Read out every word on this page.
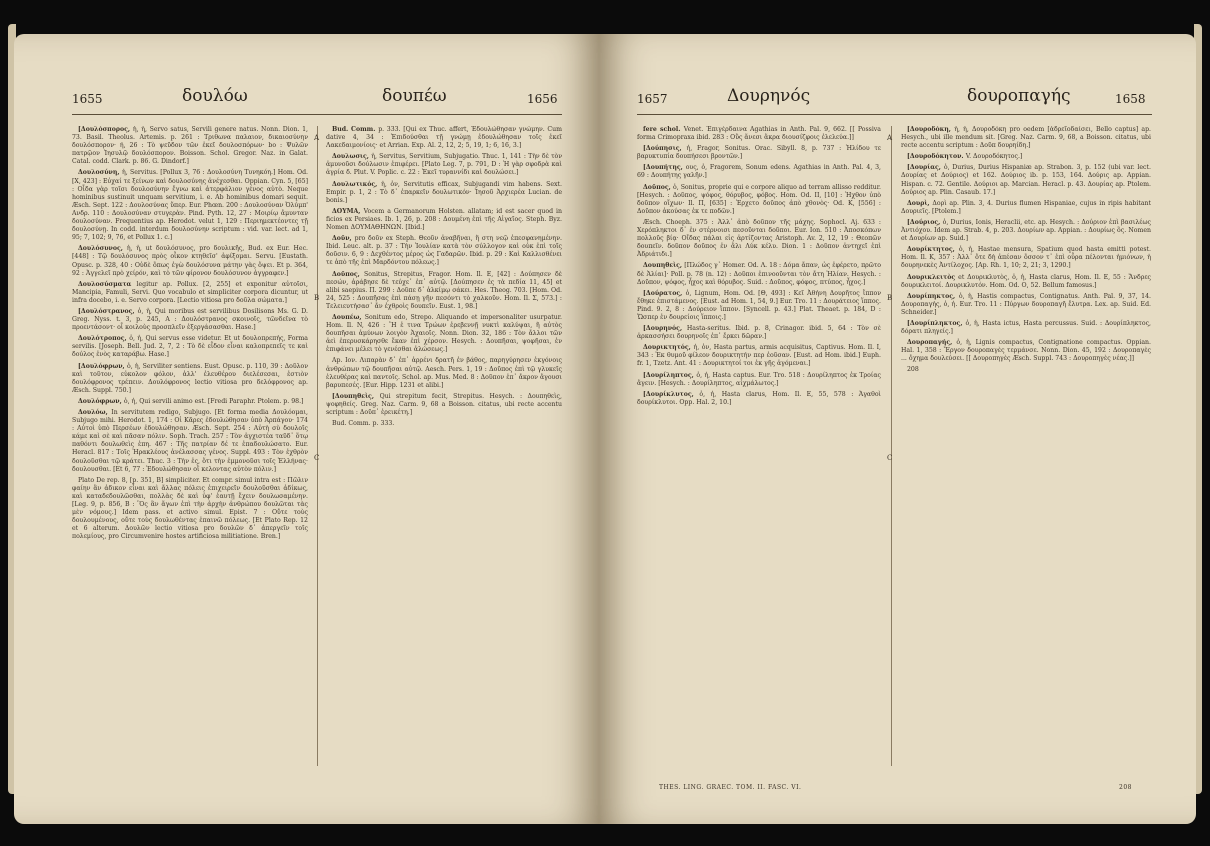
1655	δουλόω	δουπέω	1656

[Δουλόσπορος, ἡ, ἡ, Servo satus, Servili genere natus. Nonn. Dion. 1, 73. Basil. Theolus. Artemis. p. 261 : Τριθωνα παλαιον, δικαιοσύνην δουλόσπορον· ή, 26 : Τὸ ψεῦδον τῶν ἐκεῖ δουλοσπόρων· bo : Ψυλῶν πατρῷον Ἰησυλῷ δουλόσπορον. Boisson. Schol. Gregor. Naz. in Galat. Catal. codd. Clark. p. 86. G. Dindorf.]

Δουλοσύνη, ἡ, Servitus. [Pollux 3, 76 : Δουλοσύνη Τυνηκόη.] Hom. Od. [X, 423] : Εὐχαί τε ξείνων καὶ δουλοσύνης ἀνέχεσθαι. Oppian. Cyn. 5, [65] : Οἶδα γὰρ τοῖσι δουλοσύνην ἔγνω καὶ ἀτερφάλιον γένος αὐτὸ. Neque hominibus sustinuit unquam servitium, i. e. Ab hominibus domari sequit. Æsch. Sept. 122 : Δουλοσύνας ὕπερ. Eur. Phœn. 200 : Δουλοσύναν Ὀλύμπ' Ανδρ. 110 : Δουλοσύναν στυγερὰν. Pind. Pyth. 12, 27 : Μοιρίῳ ἄμυνταν δουλοσύναν. Frequentius ap. Herodot. velut 1, 129 : Περιημεκτέοντες τῇ δουλοσύνῃ. In codd. interdum δουλοσύνην scriptum : vid. var. lect. ad 1, 95; 7, 102; 9, 76, et Pollux 1. c.]

Δουλόσυνος, ἡ, ἡ, ut δουλόσυνος, pro δουλικῆς, Bud. ex Eur. Hec. [448] : Τῷ δουλόσυνος πρὸς οἶκον κτηθεῖσ' ἀφίξομαι. Servu. [Eustath. Opusc. p. 328, 40 : Οὐδὲ ὅπως ἐγὼ δουλόσυνα μάτην γὰς ὄψει. Et p. 364, 92 : Ἀγγελεῖ πρὸ χείρόν, καὶ τὸ τῶν φίρονον δουλόσυνον ἀγγραφεν.]

Δουλοσύσματα legitur ap. Pollux. [2, 255] et exponitur αὐτοῖσι, Mancipia, Famuli, Servi. Quo vocabulo et simpliciter corpora dicuntur, ut infra docebo, i. e. Servo corpora. [Lectio vitiosa pro δοῦλα σώματα.]

[Δουλόστρανος, ὁ, ἡ, Qui moribus est servilibus Dosilisons Ms. G. D. Greg. Nyss. t. 3, p. 245, A : Δουλόστρανος σκοινοῖς, τῶνδεῖνα τὸ προεντάσοντ· οἷ κοιλοὺς προσπλεῖν ἐξεργάσασθαι. Hase.]

Δουλότροπος, ὁ, ἡ, Qui servus esse videtur. Et ut δουλοπρεπής, Forma servilis. [Joseph. Bell. Jud. 2, 7, 2 : Τὸ δὲ εἶδον εἶναι καλοπρεπεῖς τε καὶ δούλος ἐνὸς καταράβω. Hase.]

[Δουλόφρων, ὁ, ἡ, Serviliter sentiens. Eust. Opusc. p. 110, 39 : Δοῦλον καὶ τοῦτον, εὐκολον φόλον, ἀλλ' ἐλευθέρου διελέσεσαι, ἐστιὸν δουλόφρονος τρέπειν. Δουλόφρονος lectio vitiosa pro δελόφρονος ap. Æsch. Suppl. 750.]

Δουλόφρων, ὁ, ἡ, Qui servili animo est. [Fredi Paraphr. Ptolem. p. 98.]

Δουλόω, In servitutem redigo, Subjugo. [Et forma media Δουλόομαι, Subjugo mihi. Herodot. 1, 174 : Οἱ Κᾶρες ἐδουλώθησαν ὑπὸ Ἁρπάγου· 174 : Αὐτοὶ ὑπὸ Περσέων ἐδουλώθησαν. Æsch. Sept. 254 : Αὐτὴ σὺ δουλοῖς κάμε καὶ σὲ καὶ πᾶσαν πόλιν. Soph. Trach. 257 : Τὸν ἀγχιστέα ταῦδ᾽ ὅτῳ παθόντι δουλωθεὶς ἐπη. 467 : Τῆς πατρίαν δέ τε ἐπαδουλώσατο. Eur. Heracl. 817 : Τοῖς Ἡρακλέους ἀνέλασσας γένος. Suppl. 493 : Τὸν ἐχθρὸν δουλοῦσθαι τῷ κράτει. Thuc. 3 : Τὴν ἐς, ὅτι τὴν ἐμμονοῦσι τοῖς Ἐλλήνας· δουλουσθαι. [Et 6, 77 : Ἐδουλώθησαν οἳ κελοντας αὐτὸν πόλιν.]

Plato De rep. 8, [p. 351, B] simpliciter. Et compr. simul intra est : Πῶλιν φαίην ἂν ἀδικον εἶναι καὶ ἄλλας πόλεις ἐπιχειρεῖν δουλοῦσθαι ἀδίκως, καὶ καταδεδουλῶσθαι, πολλὰς δὲ καὶ ὑφ' ἑαυτῇ ἔχειν δουλωσαμένην. [Leg. 9, p. 856, B : Ὃς ἂν ἄγων ἐπὶ τὴν ἀρχὴν ἀνθρώπου δουλῶται τὰς μὲν νόμους.] Idem pass. et activo simul. Epist. 7 : Οὔτε τοὺς δουλουμένους, οὔτε τοὺς δουλωθέντας ἐπαινῶ πόλεως. [Et Plato Rep. 12 et 6 alterum. Δουλῶν lectio vitiosa pro δουλῶν δ᾽ ἀπεργεῖν τοῖς πολεμίους, pro Circumvenire hostes artificiosa militiatione. Bren.]

Bud. Comm. p. 333. [Qui ex Thuc. affert, Ἐδουλώθησαν γνώμην. Cum dative 4, 34 : Ἐπιδούσθαι τῇ γνώμῃ ἐδουλώθησαν τοῖς ἐκεῖ Λακεδαιμονίοις· et Arrian. Exp. Al. 2, 12, 2; 5, 19, 1; 6, 16, 3.]

Δουλωσις, ἡ, Servitus, Servitium, Subjugatio. Thuc. 1, 141 : Τὴν δὲ τὸν ἀμυνοῦσι δούλωσιν ἐπιφέρει. [Plato Leg. 7, p. 791, D : Ἡ γὰρ σφοδρὰ καὶ ἀγρία δ. Plut. V. Poplic. c. 22 : Ἐκεῖ τυραννίδι καὶ δουλώσει.]

Δουλωτικός, ἡ, ὁν, Servitutis efficax, Subjugandi vim habens. Sext. Empir. p. 1, 2 : Τὸ δ᾽ ἐπαρκεῖν δουλωτικόν· Ἰησοῦ Ἀρχιερέα Lucian. de bonis.]

ΔΟΥΜΑ, Vocem a Germanorum Holsten. allatam; id est sacer quod in ficios ex Persiaes. Ib. 1, 26, p. 208 : Δουμένη ἐπὶ τῆς Αἰγαῖος. Steph. Byz. Nomen ΔΟΥΜΑΘΗΝΩΝ. [Ibid.]

Δοῦν, pro δοῦν ex Steph. Θεοῦν ἀναβῆναι, ἢ στη νεῷ ἐπεσφανημένην. Ibid. Leuc. alt. p. 37 : Τὴν Ἰουλίαν κατὰ τὸν σύλλογον καὶ οὐκ ἐπὶ τοῖς δοῦσιν. 6, 9 : Δεχθέντος μέρος ὡς Γαδαρῶν. Ibid. p. 29 : Καὶ Καλλισθένει τε ἀπὸ τῆς ἐπὶ Μαρδόντου πόλεως.]

Δοῦπος, Sonitus, Strepitus, Fragor. Hom. Il. E, [42] : Δούπησεν δὲ πεσών, ἀράβησε δὲ τεύχε᾽ ἐπ᾽ αὐτῷ. [Δούπησεν ἐς τὰ πεδία 11, 45] et alibi saepius. Π. 299 : Δοῦπε δ᾽ ἀλκίμῳ σάκει. Hes. Theog. 703. [Hom. Od. 24, 525 : Δουπῆσας ἐπὶ πάσῃ γῆν πεσόντι τὸ χαλκοῦν. Hom. Il. Σ, 573.] : Τελειευτήσασ᾽ ἄν ἐχθροὶς δουπεῖν. Eust. 1, 98.]

Δουπέω, Sonitum edo, Strepo. Aliquando et impersonaliter usurpatur. Hom. Il. N, 426 : Ἢ ἑ τινα Τρώων ἐρεβεννῇ νυκτὶ καλύψαι, ἢ αὐτὸς δουπῆσαι ἀμύνων λοιγὸν Ἀχαιοῖς. Nonn. Dion. 32, 186 : Τὸν ἄλλοι τῶν ἀεὶ ἐπερυσκάρησθε ἔκαν ἐπὶ χέρσον. Hesych. : Δουπῆσαι, ψοφῆσαι, ἐν ἐπιφάνει μέλει τὸ γενέσθαι ἀλώσεως.]

Ap. Ιον. Λιπαρὰν δ᾽ ἐπ᾽ ἀρρένι δρατῆ ἐν βάθος, παρηγύρησεν ἐκγόνοις ἀνθρώπων τῷ δουπῆσαι αὐτῷ. Aesch. Pers. 1, 19 : Δοῦπος ἐπὶ τῷ γλυκεῖς ἐλευθέρας καὶ παντοῖς. Schol. ap. Mus. Med. 8 : Δοῦπον ἐπ᾽ ἄκρον ἄγουσι βαρυπεσές. [Eur. Hipp. 1231 et alibi.]

[Δουπηθεὶς, Qui strepitum fecit, Strepitus. Hesych. : Δουπηθεὶς, ψοφηθείς. Greg. Naz. Carm. 9, 68 a Boisson. citatus, ubi recte accentu scriptum : Δοῦπ᾽ ἐρεικέτη.]

Bud. Comm. p. 333.

A
B
C
1657	Δουρηνός	δουροπαγής	1658

fere schol. Venet. Ἐπιγέρδαινα Agathias in Anth. Pal. 9, 662. [[ Possiva forma Crimopraxa ibid. 283 : Οὓς ἄνεσι ἄκρα διουσίζφοις ἐλελεύα.]]

[Δούπησις, ἡ, Fragor, Sonitus. Orac. Sibyll. 8, p. 737 : Ἡλίδου τε βαρυκτυπία δουπήσεσι βροντῶν.]

[Δουπήτης, ους, ὁ, Fragorem, Sonum edens. Agathias in Anth. Pal. 4, 3, 69 : Δουπήτης γαλῆν.]

Δοῦπος, ὁ, Sonitus, proprie qui e corpore aliquo ad terram allisso redditur. [Hesych. : Δοῦπος, ψόφος, θόρυβος, φόβος. Hom. Od. II, [10] : Ἡχθον ὑπὸ δοῦπον οἴχων· Il. Π, [635] : Ἐρχετο δοῦπος ἀπὸ χθονὸς· Od. K, [556] : Δοῦπον ἀκούσας ἐκ τε ποδῶν.]

Æsch. Choeph. 375 : Ἀλλ᾽ ἀπὸ δοῦπον τῆς μάχης. Sophocl. Aj. 633 : Χερόπληκτοι δ᾽ ἐν στέρνοισι πεσοῦνται δοῦποι. Eur. Ion. 510 : Ἀποσκόπων πολλοῦς βίᾳ· Οἴδας πάλαι εἰς ἀρτίζοντας Aristoph. Av. 2, 12, 19 : Θεοπῶν δουπεῖν. δοῦπον δοῦπος ἐν ἅλι Λύκ κέλυ. Dion. 1 : Δοῦπον ἀντηχεῖ ἐπὶ Ἀδριάτιδι.]

Δουπηθεὶς, [Πλώδος γ᾽ Homer. Od. Λ. 18 : Δόμα ἄπαν, ὡς ἐφέρετο, πρῶτο δὲ Ἁλίαι]· Poll. p. 78 (n. 12) : Δοῦποι ἐπινοοῦνται τὸν ἄτη Ἡλίαν. Hesych. : Δοῦπον, ψόφος, ἦχος καὶ θόρυβος. Suid. : Δοῦπος, φόφος, πτύπος, ἦχος.]

[Δούρατος, ὁ, Lignum, Hom. Od. [Θ, 493] : Κεῖ Ἀθήνη Δουρῆτος ἵππον ἔθηκε ἐπιστάμενος. [Eust. ad Hom. 1, 54, 9.] Eur. Tro. 11 : Δουράτειος ἵππος. Pind. 9. 2, 8 : Δούρειον ἵππον. [Syncell. p. 43.] Plat. Theaet. p. 184, D : Ὥσπερ ἐν δουρείοις ἵπποις.]

[Δουρηνός, Hasta-seritus. Ibid. p. 8, Crinagor. ibid. 5, 64 : Τὸν σὲ ἀρκασσήσει δουρηνοῖς ἐπ᾽ ἔρκει δῶραν.]

Δουρικτητός, ἡ, ὁν, Hasta partus, armis acquisitus, Captivus. Hom. Il. Ι, 343 : Ἐκ θυμοῦ φίλεον δουρικτητήν περ ἐοῦσαν. [Eust. ad Hom. ibid.] Euph. fr. 1, Tzetz. Ant. 41 : Δουρικτητοί τοι ἐκ γῆς ἀγόμεναι.]

[Δουρίληπτος, ὁ, ἡ, Hasta captus. Eur. Tro. 518 : Δουρίληπτος ἐκ Τροίας ἄγειν. [Hesych. : Δουρίληπτος, αἰχμάλωτος.]

[Δουρίκλυτος, ὁ, ἡ, Hasta clarus, Hom. Il. Ε, 55, 578 : Ἀγαθοὶ δουρίκλυτοι. Opp. Hal. 2, 10.]

[Δουροδόκη, ἡ, ἡ, Δουροδόκη pro oedem [ἀδρεῖοδαίσει, Bello captus] ap. Hesych., ubi ille mendum sit. [Greg. Naz. Carm. 9, 68, a Boisson. citatus, ubi recte accentu scriptum : Δοῦπ δουρηίδη.]

[Δουροδόκητον. V. Δουροδόκητος.]

[Δουρίας, ὁ, Durius, Durius Hispaniæ ap. Strabon. 3, p. 152 (ubi var. lect. Δουρίας et Δούριος) et 162. Δούριος ib. p. 153, 164. Δούρις ap. Appian. Hispan. c. 72. Gentile. Δούριοι ap. Marcian. Heracl. p. 43. Δουρίας ap. Ptolem. Δούριος ap. Plin. Casaub. 17.]

Δουρὶ, Δορὶ ap. Plin. 3, 4. Durius flumen Hispaniae, cujus in ripis habitant Δουριεῖς. [Ptolem.]

[Δούριος, ὁ, Durius, Ionis, Heraclii, etc. ap. Hesych. : Δούριον ἐπὶ βασιλέως Ἀντιόχου. Idem ap. Strab. 4, p. 203. Δουρίων ap. Appian. : Δουρίως ὃς. Nomen et Δουρίων ap. Suid.]

Δουρίκτητος, ὁ, ἡ, Hastae mensura, Spatium quod hasta emitti potest. Hom. Il. Κ, 357 : Ἀλλ᾽ ὅτε δὴ ἀπέσαν ὅσσον τ᾽ ἐπὶ οὖρα πέλονται ἡμιόνων, ἡ δουρηνεκὲς Ἀντίλοχος. [Ap. Rh. 1, 10; 2, 21; 3, 1290.]

Δουρικλειτὸς et Δουρικλυτὸς, ὁ, ἡ, Hasta clarus, Hom. Il. Ε, 55 : Ἄνδρες δουρικλειτοί. Δουρικλυτόν. Hom. Od. Ο, 52. Bellum famosus.]

Δουρίπηκτος, ὁ, ἡ, Hastis compactus, Contignatus. Anth. Pal. 9, 37, 14. Δουροπαγής, ὁ, ἡ. Eur. Tro. 11 : Πύργων δουροπαγῆ ἔλυτρα. Lex. ap. Suid. Ed. Schneider.]

[Δουρίπληκτος, ὁ, ἡ, Hasta ictus, Hasta percussus. Suid. : Δουρίπληκτος, δόρατι πληγείς.]

Δουροπαγής, ὁ, ἡ, Lignis compactus, Contignatione compactus. Oppian. Hal. 1, 358 : Ἔργον δουροπαγὲς τερμάνσε. Nonn. Dion. 45, 192 : Δουροπαγὲς ... ὄχημα δουλεύσει. [[ Δουροπηγὲς Æsch. Suppl. 743 : Δουροπηγὲς νέας.]]

208

A
B
C
THES. LING. GRAEC. TOM. II. FASC. VI.	208
